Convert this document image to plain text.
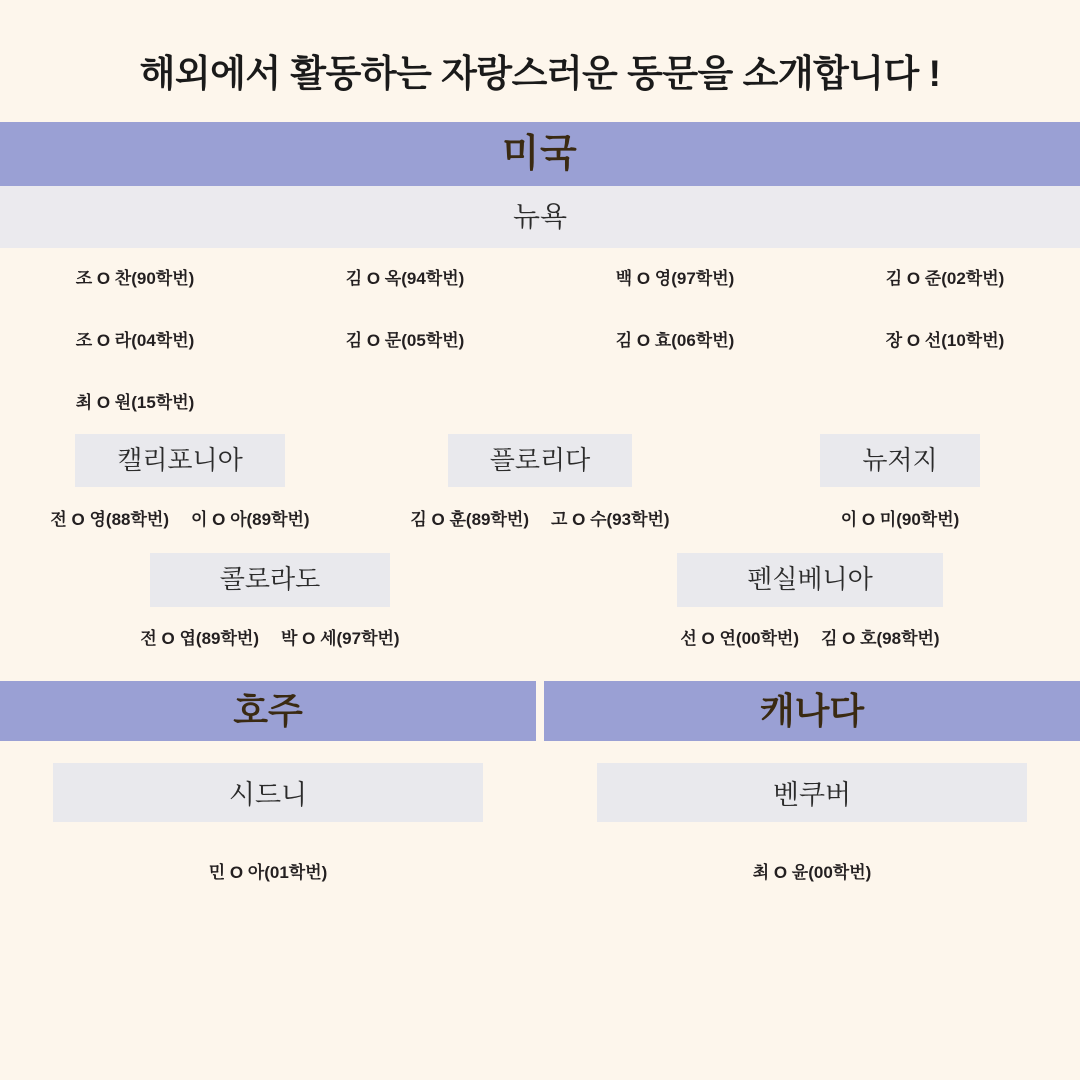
해외에서 활동하는 자랑스러운 동문을 소개합니다 !
미국
뉴욕
조 O 찬(90학번)	김 O 옥(94학번)	백 O 영(97학번)	김 O 준(02학번)
조 O 라(04학번)	김 O 문(05학번)	김 O 효(06학번)	장 O 선(10학번)
최 O 원(15학번)
캘리포니아	플로리다	뉴저지
전 O 영(88학번) 이 O 아(89학번)	김 O 훈(89학번) 고 O 수(93학번)	이 O 미(90학번)
콜로라도	펜실베니아
전 O 엽(89학번) 박 O 세(97학번)	선 O 연(00학번) 김 O 호(98학번)
호주
시드니
민 O 아(01학번)
캐나다
벤쿠버
최 O 윤(00학번)
